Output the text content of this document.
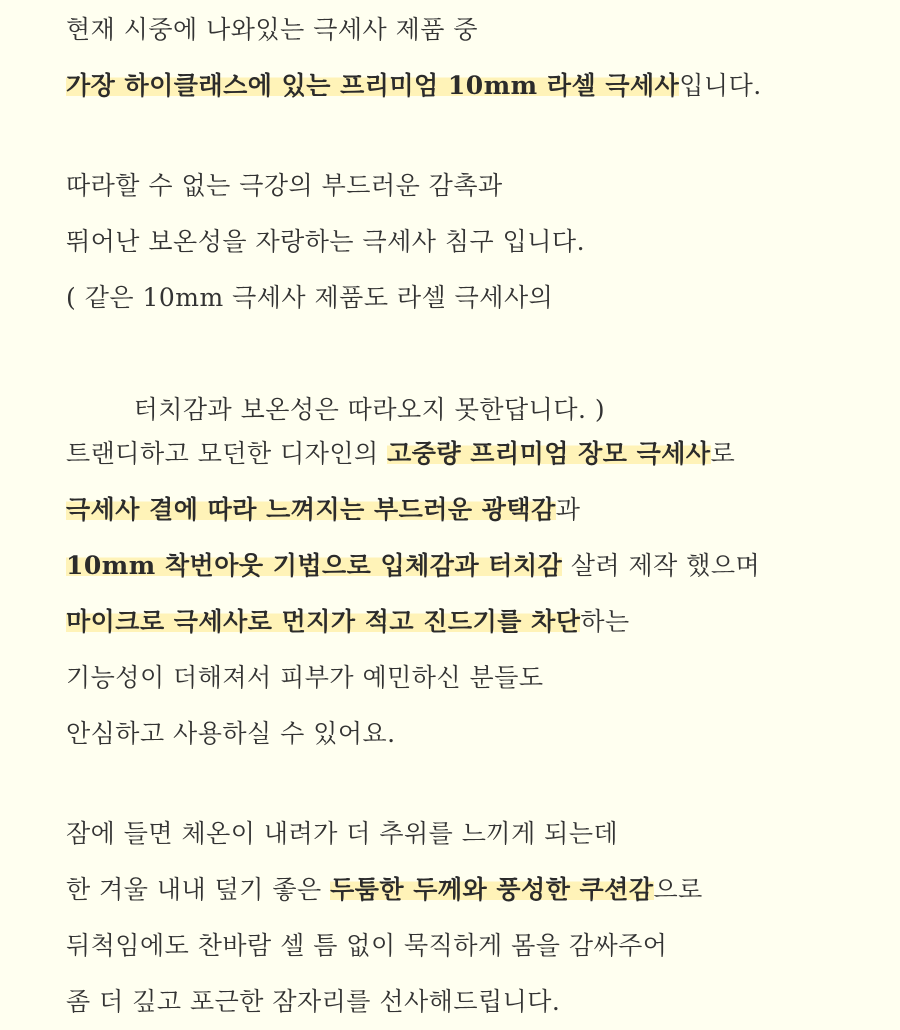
현재 시중에 나와있는 극세사 제품 중
가장 하이클래스에 있는 프리미엄 10mm 라셀 극세사입니다.
따라할 수 없는 극강의 부드러운 감촉과
뛰어난 보온성을 자랑하는 극세사 침구 입니다.
( 같은 10mm 극세사 제품도 라셀 극세사의

터치감과 보온성은 따라오지 못한답니다. )

트랜디하고 모던한 디자인의 고중량 프리미엄 장모 극세사로
극세사 결에 따라 느껴지는 부드러운 광택감과
10mm 착번아웃 기법으로 입체감과 터치감 살려 제작 했으며
마이크로 극세사로 먼지가 적고 진드기를 차단하는
기능성이 더해져서 피부가 예민하신 분들도
안심하고 사용하실 수 있어요.
잠에 들면 체온이 내려가 더 추위를 느끼게 되는데
한 겨울 내내 덮기 좋은 두툼한 두께와 풍성한 쿠션감으로
뒤척임에도 찬바람 셀 틈 없이 묵직하게 몸을 감싸주어
좀 더 깊고 포근한 잠자리를 선사해드립니다.
